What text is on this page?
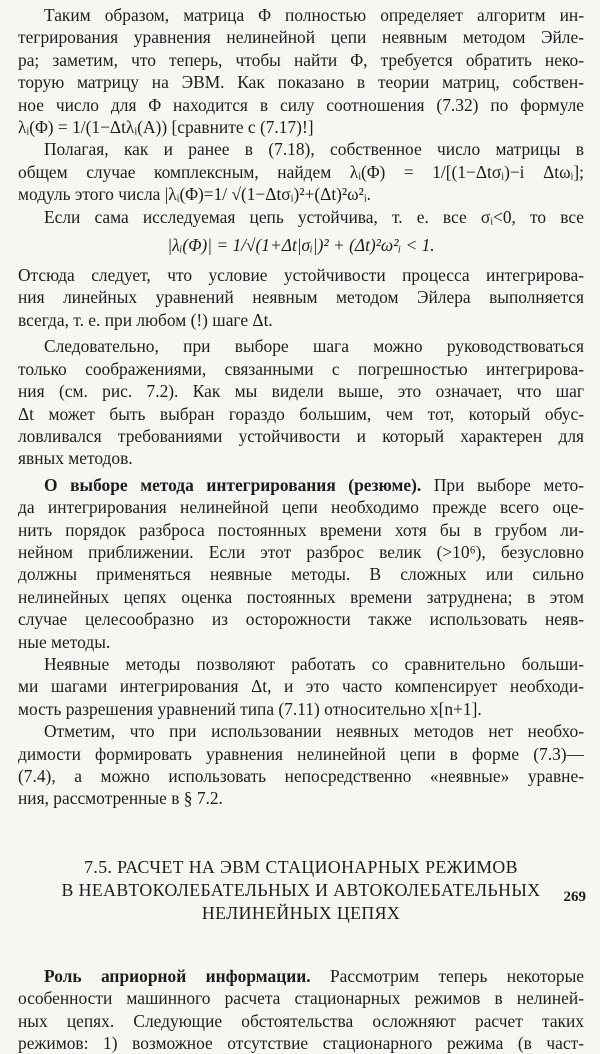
Таким образом, матрица Φ полностью определяет алгоритм ин-
тегрирования уравнения нелинейной цепи неявным методом Эйле-
ра; заметим, что теперь, чтобы найти Φ, требуется обратить неко-
торую матрицу на ЭВМ. Как показано в теории матриц, собствен-
ное число для Φ находится в силу соотношения (7.32) по формуле
λᵢ(Φ) = 1/(1−Δtλᵢ(A)) [сравните с (7.17)!]
Полагая, как и ранее в (7.18), собственное число матрицы в
общем случае комплексным, найдем λᵢ(Φ) = 1/[(1−Δtσᵢ)−i Δtωᵢ];
модуль этого числа |λᵢ(Φ)=1/ √(1−Δtσᵢ)²+(Δt)²ω²ᵢ.
Если сама исследуемая цепь устойчива, т. е. все σᵢ<0, то все
|λᵢ(Φ)| = 1/√(1+Δt|σᵢ|)² + (Δt)²ω²ᵢ < 1.
Отсюда следует, что условие устойчивости процесса интегрирова-
ния линейных уравнений неявным методом Эйлера выполняется
всегда, т. е. при любом (!) шаге Δt.
Следовательно, при выборе шага можно руководствоваться
только соображениями, связанными с погрешностью интегрирова-
ния (см. рис. 7.2). Как мы видели выше, это означает, что шаг
Δt может быть выбран гораздо большим, чем тот, который обус-
ловливался требованиями устойчивости и который характерен для
явных методов.
О выборе метода интегрирования (резюме). При выборе мето-
да интегрирования нелинейной цепи необходимо прежде всего оце-
нить порядок разброса постоянных времени хотя бы в грубом ли-
нейном приближении. Если этот разброс велик (>10⁶), безусловно
должны применяться неявные методы. В сложных или сильно
нелинейных цепях оценка постоянных времени затруднена; в этом
случае целесообразно из осторожности также использовать неяв-
ные методы.
Неявные методы позволяют работать со сравнительно больши-
ми шагами интегрирования Δt, и это часто компенсирует необходи-
мость разрешения уравнений типа (7.11) относительно x[n+1].
Отметим, что при использовании неявных методов нет необхо-
димости формировать уравнения нелинейной цепи в форме (7.3)—
(7.4), а можно использовать непосредственно «неявные» уравне-
ния, рассмотренные в § 7.2.
7.5. РАСЧЕТ НА ЭВМ СТАЦИОНАРНЫХ РЕЖИМОВ
В НЕАВТОКОЛЕБАТЕЛЬНЫХ И АВТОКОЛЕБАТЕЛЬНЫХ
НЕЛИНЕЙНЫХ ЦЕПЯХ
Роль априорной информации. Рассмотрим теперь некоторые
особенности машинного расчета стационарных режимов в нелиней-
ных цепях. Следующие обстоятельства осложняют расчет таких
режимов: 1) возможное отсутствие стационарного режима (в част-
269
